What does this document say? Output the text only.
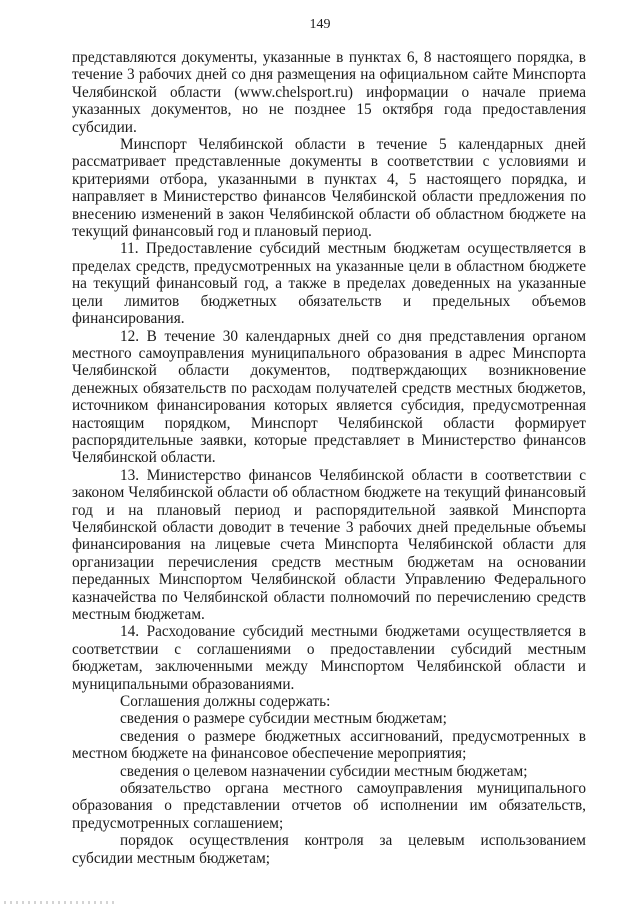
149

представляются документы, указанные в пунктах 6, 8 настоящего порядка, в течение 3 рабочих дней со дня размещения на официальном сайте Минспорта Челябинской области (www.chelsport.ru) информации о начале приема указанных документов, но не позднее 15 октября года предоставления субсидии.

Минспорт Челябинской области в течение 5 календарных дней рассматривает представленные документы в соответствии с условиями и критериями отбора, указанными в пунктах 4, 5 настоящего порядка, и направляет в Министерство финансов Челябинской области предложения по внесению изменений в закон Челябинской области об областном бюджете на текущий финансовый год и плановый период.

11. Предоставление субсидий местным бюджетам осуществляется в пределах средств, предусмотренных на указанные цели в областном бюджете на текущий финансовый год, а также в пределах доведенных на указанные цели лимитов бюджетных обязательств и предельных объемов финансирования.

12. В течение 30 календарных дней со дня представления органом местного самоуправления муниципального образования в адрес Минспорта Челябинской области документов, подтверждающих возникновение денежных обязательств по расходам получателей средств местных бюджетов, источником финансирования которых является субсидия, предусмотренная настоящим порядком, Минспорт Челябинской области формирует распорядительные заявки, которые представляет в Министерство финансов Челябинской области.

13. Министерство финансов Челябинской области в соответствии с законом Челябинской области об областном бюджете на текущий финансовый год и на плановый период и распорядительной заявкой Минспорта Челябинской области доводит в течение 3 рабочих дней предельные объемы финансирования на лицевые счета Минспорта Челябинской области для организации перечисления средств местным бюджетам на основании переданных Минспортом Челябинской области Управлению Федерального казначейства по Челябинской области полномочий по перечислению средств местным бюджетам.

14. Расходование субсидий местными бюджетами осуществляется в соответствии с соглашениями о предоставлении субсидий местным бюджетам, заключенными между Минспортом Челябинской области и муниципальными образованиями.

Соглашения должны содержать:

сведения о размере субсидии местным бюджетам;

сведения о размере бюджетных ассигнований, предусмотренных в местном бюджете на финансовое обеспечение мероприятия;

сведения о целевом назначении субсидии местным бюджетам;

обязательство органа местного самоуправления муниципального образования о представлении отчетов об исполнении им обязательств, предусмотренных соглашением;

порядок осуществления контроля за целевым использованием субсидии местным бюджетам;
